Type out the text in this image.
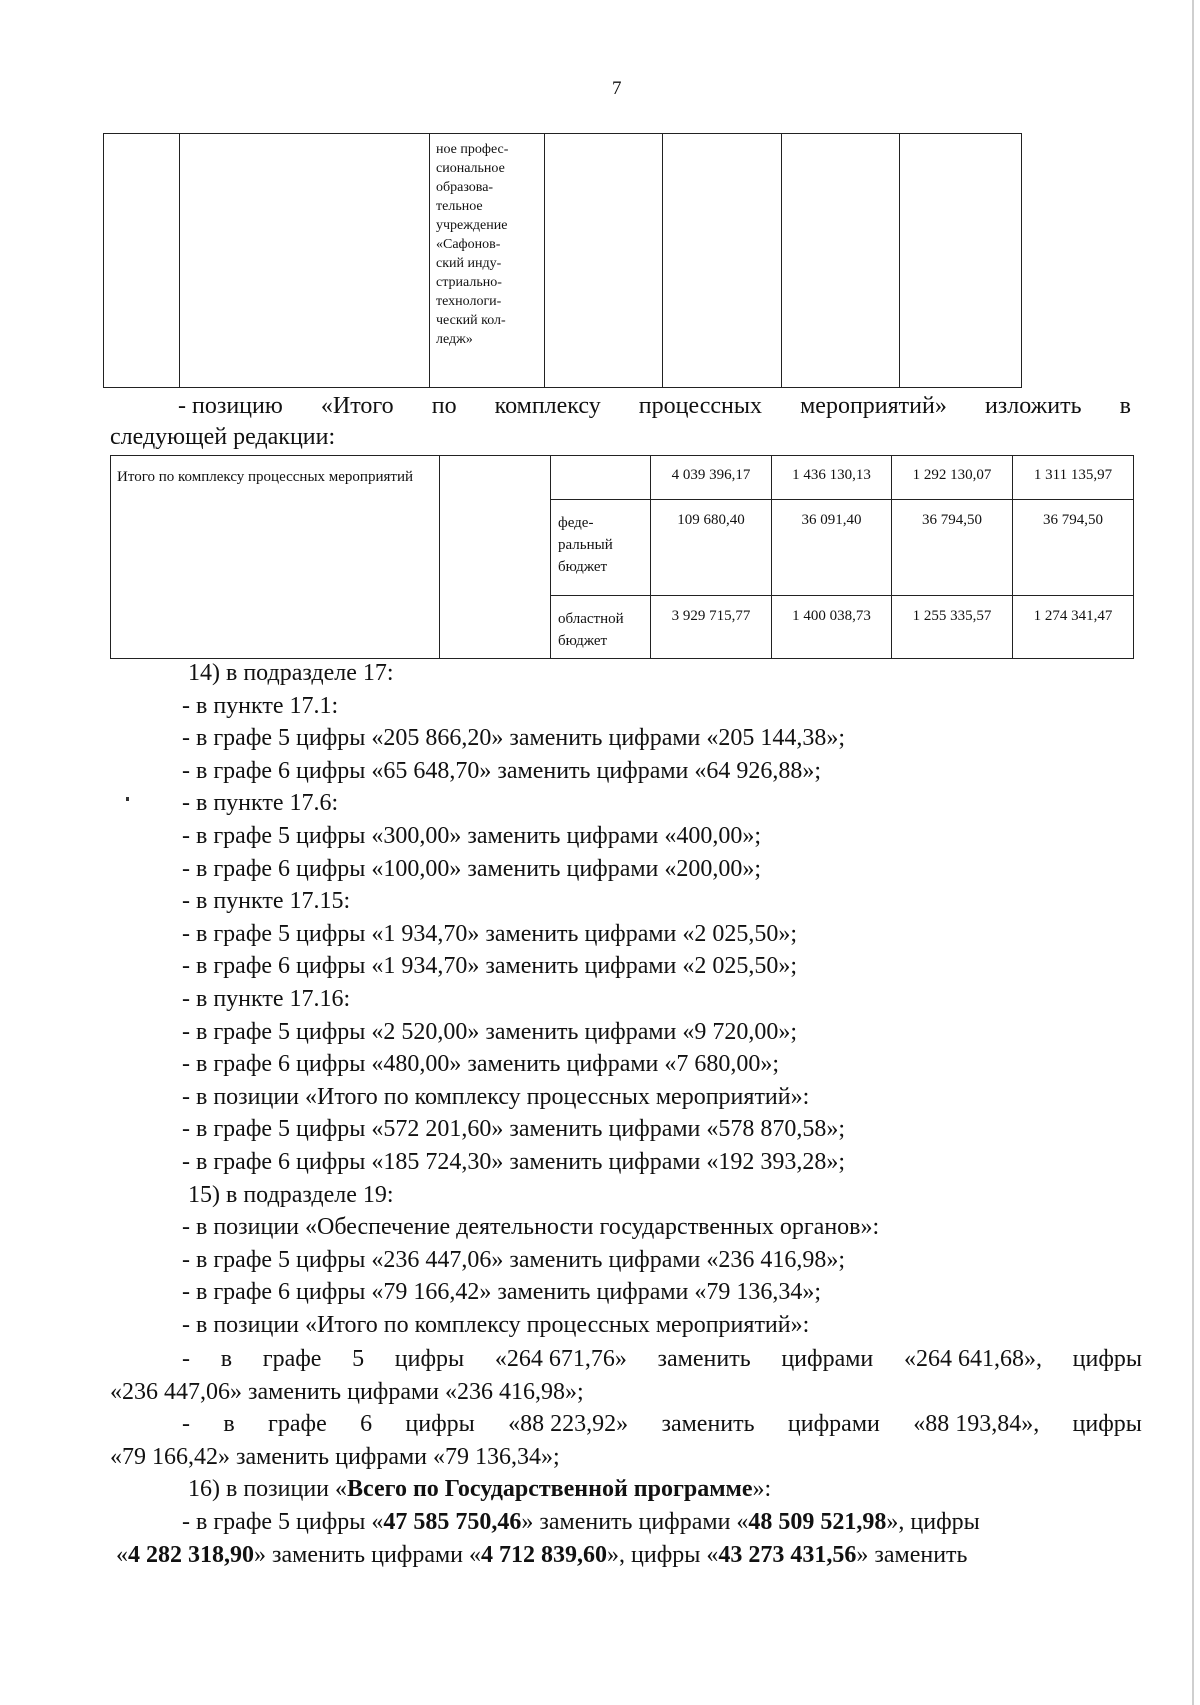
7

ное профес-
сиональное
образова-
тельное
учреждение
«Сафонов-
ский инду-
стриально-
технологи-
ческий кол-
ледж»

- позицию «Итого по комплексу процессных мероприятий» изложить в
следующей редакции:
Итого по комплексу процессных мероприятий			4 039 396,17	1 436 130,13	1 292 130,07	1 311 135,97
		феде-
ральный
бюджет	109 680,40	36 091,40	36 794,50	36 794,50
		областной
бюджет	3 929 715,77	1 400 038,73	1 255 335,57	1 274 341,47
14) в подразделе 17:
- в пункте 17.1:
- в графе 5 цифры «205 866,20» заменить цифрами «205 144,38»;
- в графе 6 цифры «65 648,70» заменить цифрами «64 926,88»;
- в пункте 17.6:
- в графе 5 цифры «300,00» заменить цифрами «400,00»;
- в графе 6 цифры «100,00» заменить цифрами «200,00»;
- в пункте 17.15:
- в графе 5 цифры «1 934,70» заменить цифрами «2 025,50»;
- в графе 6 цифры «1 934,70» заменить цифрами «2 025,50»;
- в пункте 17.16:
- в графе 5 цифры «2 520,00» заменить цифрами «9 720,00»;
- в графе 6 цифры «480,00» заменить цифрами «7 680,00»;
- в позиции «Итого по комплексу процессных мероприятий»:
- в графе 5 цифры «572 201,60» заменить цифрами «578 870,58»;
- в графе 6 цифры «185 724,30» заменить цифрами «192 393,28»;
15) в подразделе 19:
- в позиции «Обеспечение деятельности государственных органов»:
- в графе 5 цифры «236 447,06» заменить цифрами «236 416,98»;
- в графе 6 цифры «79 166,42» заменить цифрами «79 136,34»;
- в позиции «Итого по комплексу процессных мероприятий»:
- в графе 5 цифры «264 671,76» заменить цифрами «264 641,68», цифры
«236 447,06» заменить цифрами «236 416,98»;
- в графе 6 цифры «88 223,92» заменить цифрами «88 193,84», цифры
«79 166,42» заменить цифрами «79 136,34»;
16) в позиции «Всего по Государственной программе»:
- в графе 5 цифры «47 585 750,46» заменить цифрами «48 509 521,98», цифры
«4 282 318,90» заменить цифрами «4 712 839,60», цифры «43 273 431,56» заменить
